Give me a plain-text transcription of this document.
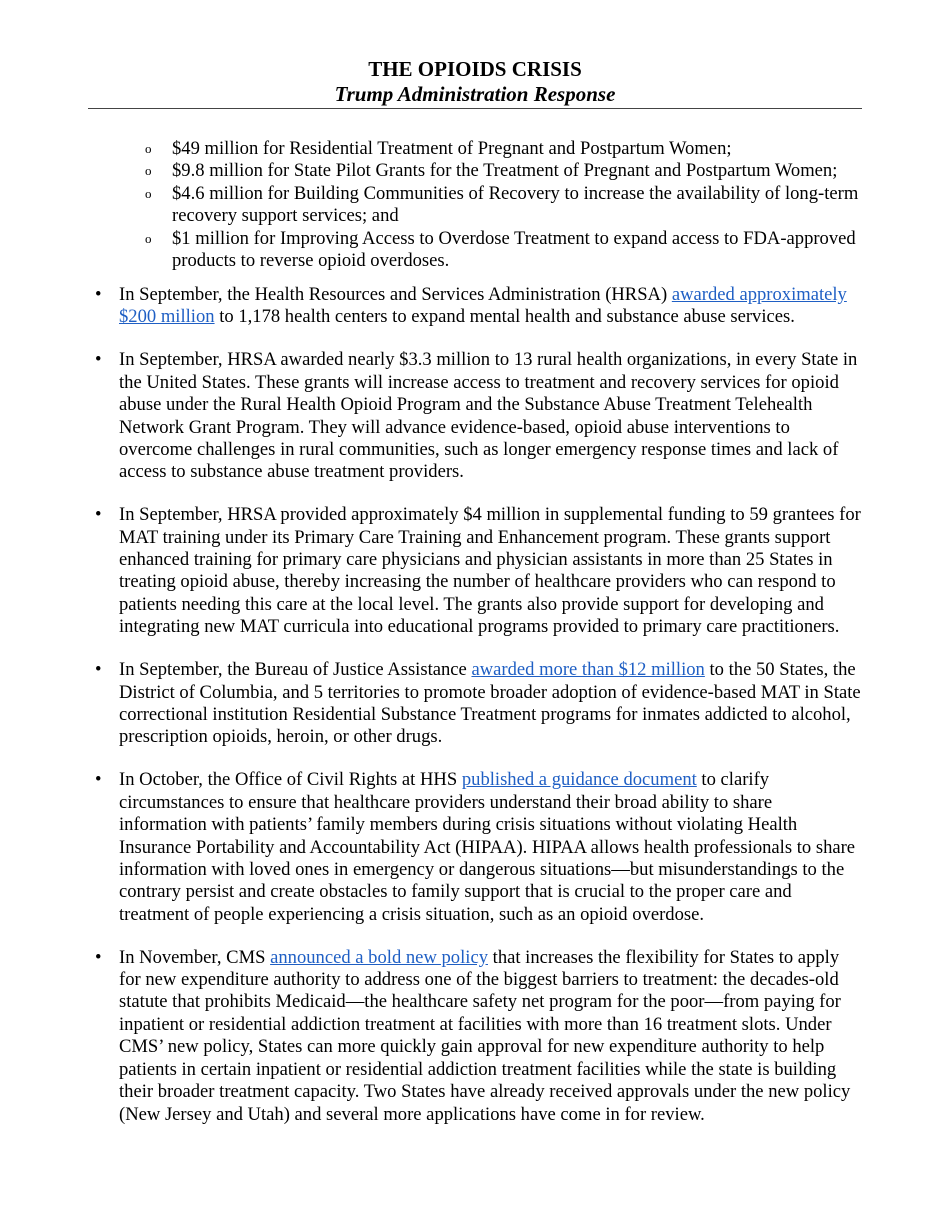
THE OPIOIDS CRISIS
Trump Administration Response
o $49 million for Residential Treatment of Pregnant and Postpartum Women;
o $9.8 million for State Pilot Grants for the Treatment of Pregnant and Postpartum Women;
o $4.6 million for Building Communities of Recovery to increase the availability of long-term recovery support services; and
o $1 million for Improving Access to Overdose Treatment to expand access to FDA-approved products to reverse opioid overdoses.
• In September, the Health Resources and Services Administration (HRSA) awarded approximately $200 million to 1,178 health centers to expand mental health and substance abuse services.
• In September, HRSA awarded nearly $3.3 million to 13 rural health organizations, in every State in the United States. These grants will increase access to treatment and recovery services for opioid abuse under the Rural Health Opioid Program and the Substance Abuse Treatment Telehealth Network Grant Program. They will advance evidence-based, opioid abuse interventions to overcome challenges in rural communities, such as longer emergency response times and lack of access to substance abuse treatment providers.
• In September, HRSA provided approximately $4 million in supplemental funding to 59 grantees for MAT training under its Primary Care Training and Enhancement program. These grants support enhanced training for primary care physicians and physician assistants in more than 25 States in treating opioid abuse, thereby increasing the number of healthcare providers who can respond to patients needing this care at the local level. The grants also provide support for developing and integrating new MAT curricula into educational programs provided to primary care practitioners.
• In September, the Bureau of Justice Assistance awarded more than $12 million to the 50 States, the District of Columbia, and 5 territories to promote broader adoption of evidence-based MAT in State correctional institution Residential Substance Treatment programs for inmates addicted to alcohol, prescription opioids, heroin, or other drugs.
• In October, the Office of Civil Rights at HHS published a guidance document to clarify circumstances to ensure that healthcare providers understand their broad ability to share information with patients’ family members during crisis situations without violating Health Insurance Portability and Accountability Act (HIPAA). HIPAA allows health professionals to share information with loved ones in emergency or dangerous situations—but misunderstandings to the contrary persist and create obstacles to family support that is crucial to the proper care and treatment of people experiencing a crisis situation, such as an opioid overdose.
• In November, CMS announced a bold new policy that increases the flexibility for States to apply for new expenditure authority to address one of the biggest barriers to treatment: the decades-old statute that prohibits Medicaid—the healthcare safety net program for the poor—from paying for inpatient or residential addiction treatment at facilities with more than 16 treatment slots. Under CMS’ new policy, States can more quickly gain approval for new expenditure authority to help patients in certain inpatient or residential addiction treatment facilities while the state is building their broader treatment capacity. Two States have already received approvals under the new policy (New Jersey and Utah) and several more applications have come in for review.
